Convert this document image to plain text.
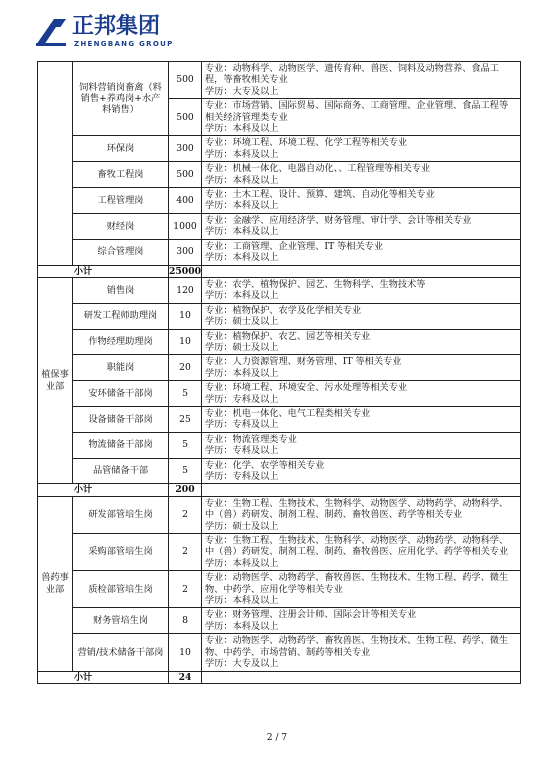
正邦集团
ZHENGBANG GROUP
	饲料营销岗畜禽（料销售+养鸡岗+水产料销售）	500	专业：动物科学、动物医学、遗传育种、兽医、饲料及动物营养、食品工程，等畜牧相关专业
学历：大专及以上

		500	专业：市场营销、国际贸易、国际商务、工商管理、企业管理、食品工程等相关经济管理类专业
学历：本科及以上

	环保岗	300	专业：环境工程、环境工程、化学工程等相关专业
学历：本科及以上

	畜牧工程岗	500	专业：机械一体化、电器自动化、、工程管理等相关专业
学历：本科及以上

	工程管理岗	400	专业：土木工程、设计、预算、建筑、自动化等相关专业
学历：本科及以上

	财经岗	1000	专业：金融学、应用经济学、财务管理、审计学、会计等相关专业
学历：本科及以上

	综合管理岗	300	专业：工商管理、企业管理、IT 等相关专业
学历：本科及以上

小计		25000	
植保事业部	销售岗	120	专业：农学、植物保护、园艺、生物科学、生物技术等
学历：本科及以上

	研发工程师助理岗	10	专业：植物保护、农学及化学相关专业
学历：硕士及以上

	作物经理助理岗	10	专业：植物保护、农艺、园艺等相关专业
学历：硕士及以上

	职能岗	20	专业：人力资源管理、财务管理、IT 等相关专业
学历：本科及以上

	安环储备干部岗	5	专业：环境工程、环境安全、污水处理等相关专业
学历：专科及以上

	设备储备干部岗	25	专业：机电一体化、电气工程类相关专业
学历：专科及以上

	物流储备干部岗	5	专业：物流管理类专业
学历：专科及以上

	品管储备干部	5	专业：化学、农学等相关专业
学历：专科及以上

小计		200	
兽药事业部	研发部管培生岗	2	专业：生物工程、生物技术、生物科学、动物医学、动物药学、动物科学、中（兽）药研发、制剂工程、制药、畜牧兽医、药学等相关专业
学历：硕士及以上

	采购部管培生岗	2	专业：生物工程、生物技术、生物科学、动物医学、动物药学、动物科学、中（兽）药研发、制剂工程、制药、畜牧兽医、应用化学、药学等相关专业
学历：本科及以上

	质检部管培生岗	2	专业：动物医学、动物药学、畜牧兽医、生物技术、生物工程、药学、微生物、中药学、应用化学等相关专业
学历：本科及以上

	财务管培生岗	8	专业：财务管理、注册会计师、国际会计等相关专业
学历：本科及以上

	营销/技术储备干部岗	10	专业：动物医学、动物药学、畜牧兽医、生物技术、生物工程、药学、微生物、中药学、市场营销、制药等相关专业
学历：大专及以上

小计		24	
2 / 7
